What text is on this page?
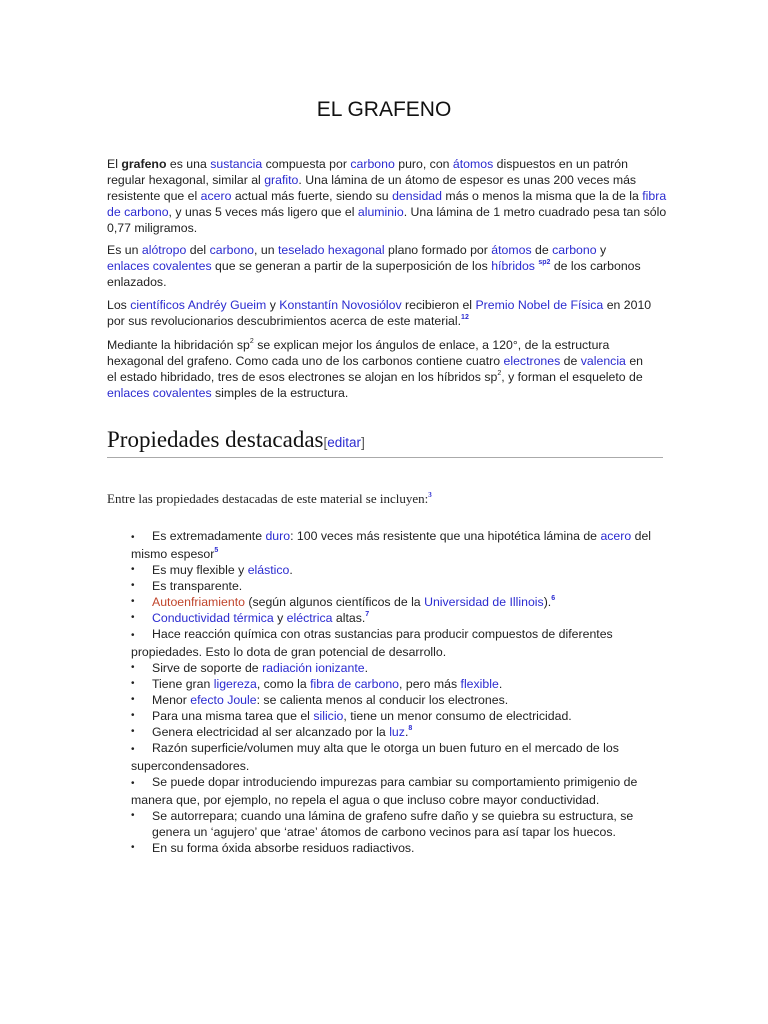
EL GRAFENO
El grafeno es una sustancia compuesta por carbono puro, con átomos dispuestos en un patrón regular hexagonal, similar al grafito. Una lámina de un átomo de espesor es unas 200 veces más resistente que el acero actual más fuerte, siendo su densidad más o menos la misma que la de la fibra de carbono, y unas 5 veces más ligero que el aluminio. Una lámina de 1 metro cuadrado pesa tan sólo 0,77 miligramos.
Es un alótropo del carbono, un teselado hexagonal plano formado por átomos de carbono y enlaces covalentes que se generan a partir de la superposición de los híbridos $^{sp2}$ de los carbonos enlazados.
Los científicos Andréy Gueim y Konstantín Novosiólov recibieron el Premio Nobel de Física en 2010 por sus revolucionarios descubrimientos acerca de este material.$^{12}$
Mediante la hibridación $sp^2$ se explican mejor los ángulos de enlace, a 120°, de la estructura hexagonal del grafeno. Como cada uno de los carbonos contiene cuatro electrones de valencia en el estado hibridado, tres de esos electrones se alojan en los híbridos $sp^2$, y forman el esqueleto de enlaces covalentes simples de la estructura.
Propiedades destacadas[editar]
Entre las propiedades destacadas de este material se incluyen:$^3$
• Es extremadamente duro: 100 veces más resistente que una hipotética lámina de acero del mismo espesor$^5$
• Es muy flexible y elástico.
• Es transparente.
• Autoenfriamiento (según algunos científicos de la Universidad de Illinois).$^6$
• Conductividad térmica y eléctrica altas.$^7$
• Hace reacción química con otras sustancias para producir compuestos de diferentes propiedades. Esto lo dota de gran potencial de desarrollo.
• Sirve de soporte de radiación ionizante.
• Tiene gran ligereza, como la fibra de carbono, pero más flexible.
• Menor efecto Joule: se calienta menos al conducir los electrones.
• Para una misma tarea que el silicio, tiene un menor consumo de electricidad.
• Genera electricidad al ser alcanzado por la luz.$^8$
• Razón superficie/volumen muy alta que le otorga un buen futuro en el mercado de los supercondensadores.
• Se puede dopar introduciendo impurezas para cambiar su comportamiento primigenio de manera que, por ejemplo, no repela el agua o que incluso cobre mayor conductividad.
• Se autorrepara; cuando una lámina de grafeno sufre daño y se quiebra su estructura, se genera un ‘agujero’ que ‘atrae’ átomos de carbono vecinos para así tapar los huecos.
• En su forma óxida absorbe residuos radiactivos.
